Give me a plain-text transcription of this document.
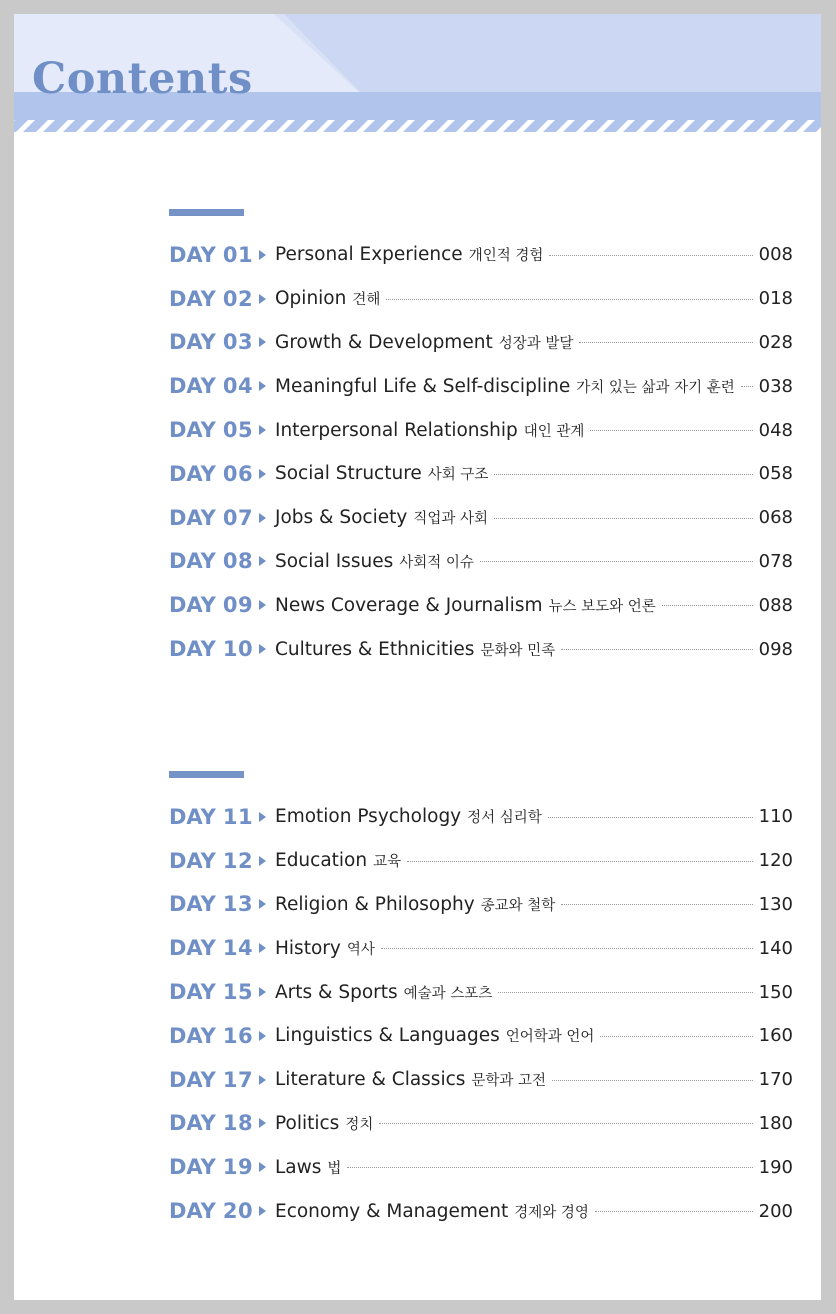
Contents
DAY 01 Personal Experience 개인적 경험	008
DAY 02 Opinion 견해	018
DAY 03 Growth & Development 성장과 발달	028
DAY 04 Meaningful Life & Self-discipline 가치 있는 삶과 자기 훈련 038
DAY 05 Interpersonal Relationship 대인 관계	048
DAY 06 Social Structure 사회 구조	058
DAY 07 Jobs & Society 직업과 사회	068
DAY 08 Social Issues 사회적 이슈	078
DAY 09 News Coverage & Journalism 뉴스 보도와 언론	088
DAY 10 Cultures & Ethnicities 문화와 민족	098
DAY 11 Emotion Psychology 정서 심리학	110
DAY 12 Education 교육	120
DAY 13 Religion & Philosophy 종교와 철학	130
DAY 14 History 역사	140
DAY 15 Arts & Sports 예술과 스포츠	150
DAY 16 Linguistics & Languages 언어학과 언어	160
DAY 17 Literature & Classics 문학과 고전	170
DAY 18 Politics 정치	180
DAY 19 Laws 법	190
DAY 20 Economy & Management 경제와 경영	200
